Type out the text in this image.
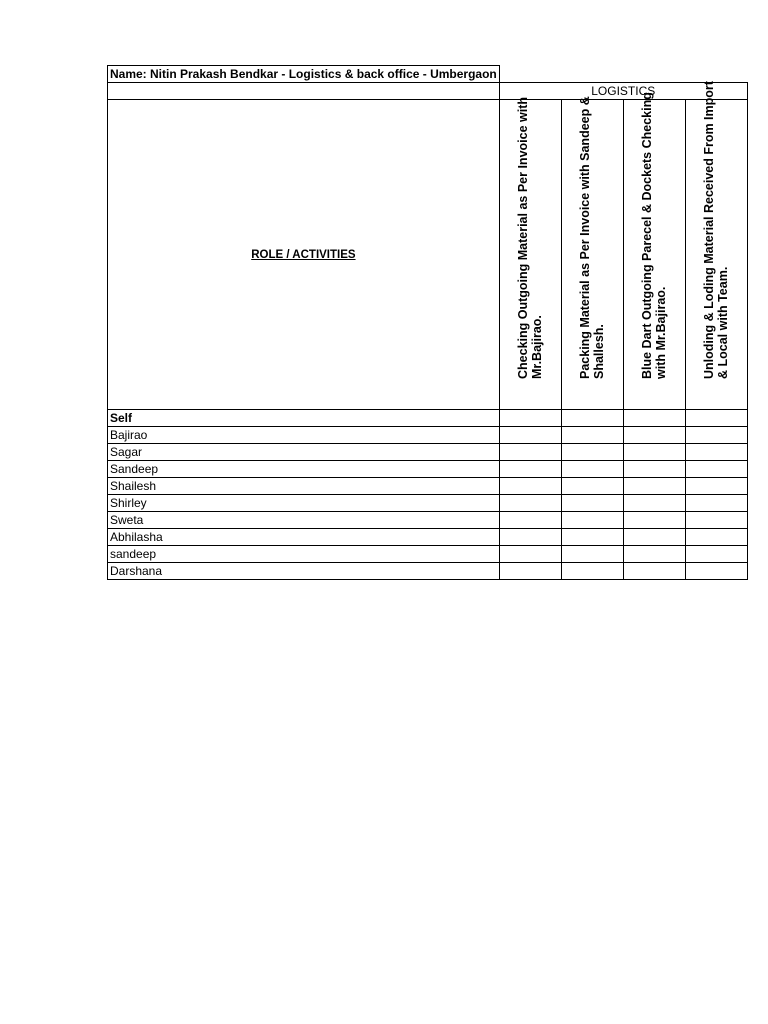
Name: Nitin Prakash Bendkar - Logistics & back office - Umbergaon				
	LOGISTICS			
ROLE / ACTIVITIES	Checking Outgoing Material as Per Invoice with Mr.Bajirao.	Packing Material as Per Invoice with Sandeep & Shallesh.	Blue Dart Outgoing Parecel & Dockets Checking with Mr.Bajirao.	Unloding & Loding Material Received From Import & Local with Team.

Self				
Bajirao				
Sagar				
Sandeep				
Shailesh				
Shirley				
Sweta				
Abhilasha				
sandeep				
Darshana				
